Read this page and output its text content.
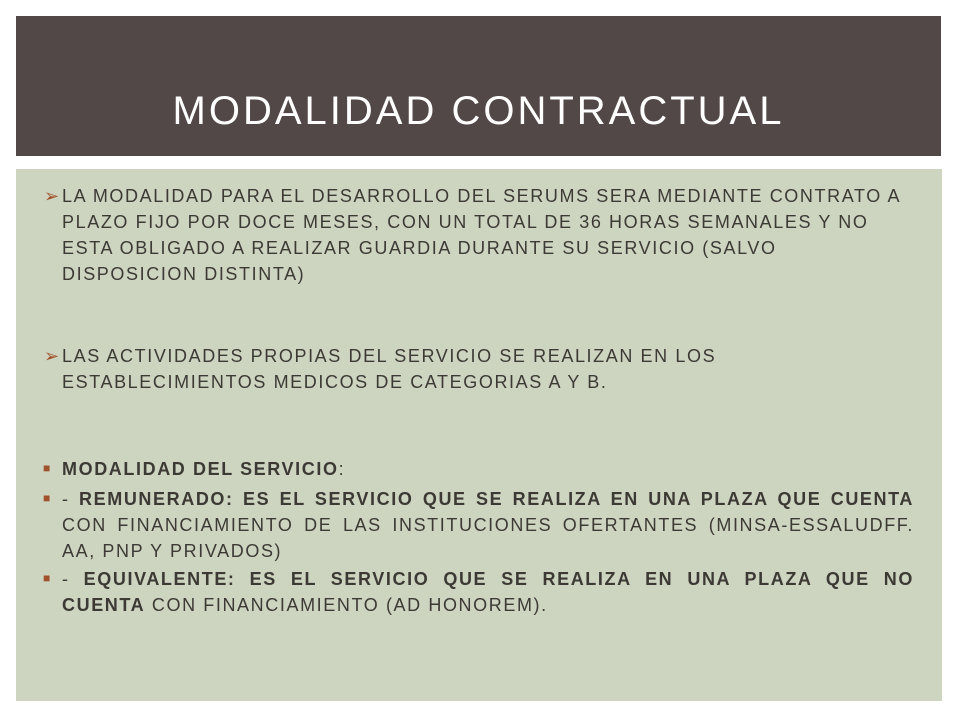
MODALIDAD CONTRACTUAL
➢ LA MODALIDAD PARA EL DESARROLLO DEL SERUMS SERA MEDIANTE CONTRATO A PLAZO FIJO POR DOCE MESES, CON UN TOTAL DE 36 HORAS SEMANALES Y NO ESTA OBLIGADO A REALIZAR GUARDIA DURANTE SU SERVICIO (SALVO DISPOSICION DISTINTA)
➢ LAS ACTIVIDADES PROPIAS DEL SERVICIO SE REALIZAN EN LOS ESTABLECIMIENTOS MEDICOS DE CATEGORIAS A Y B.
■ MODALIDAD DEL SERVICIO:
■ - REMUNERADO: ES EL SERVICIO QUE SE REALIZA EN UNA PLAZA QUE CUENTA CON FINANCIAMIENTO DE LAS INSTITUCIONES OFERTANTES (MINSA-ESSALUDFF. AA, PNP Y PRIVADOS)
■ - EQUIVALENTE: ES EL SERVICIO QUE SE REALIZA EN UNA PLAZA QUE NO CUENTA CON FINANCIAMIENTO (AD HONOREM).
